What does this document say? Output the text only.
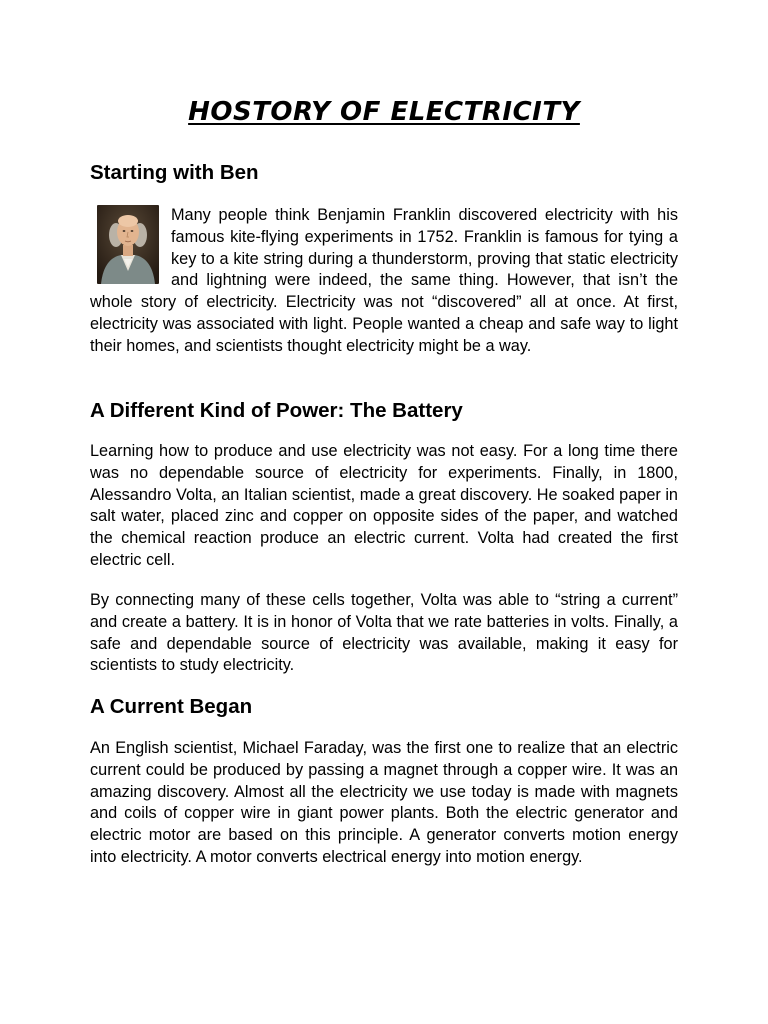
HOSTORY OF ELECTRICITY
Starting with Ben
Many people think Benjamin Franklin discovered electricity with his famous kite-flying experiments in 1752. Franklin is famous for tying a key to a kite string during a thunderstorm, proving that static electricity and lightning were indeed, the same thing. However, that isn’t the whole story of electricity. Electricity was not “discovered” all at once. At first, electricity was associated with light. People wanted a cheap and safe way to light their homes, and scientists thought electricity might be a way.
A Different Kind of Power: The Battery

Learning how to produce and use electricity was not easy. For a long time there was no dependable source of electricity for experiments. Finally, in 1800, Alessandro Volta, an Italian scientist, made a great discovery. He soaked paper in salt water, placed zinc and copper on opposite sides of the paper, and watched the chemical reaction produce an electric current. Volta had created the first electric cell.

By connecting many of these cells together, Volta was able to “string a current” and create a battery. It is in honor of Volta that we rate batteries in volts. Finally, a safe and dependable source of electricity was available, making it easy for scientists to study electricity.

A Current Began

An English scientist, Michael Faraday, was the first one to realize that an electric current could be produced by passing a magnet through a copper wire. It was an amazing discovery. Almost all the electricity we use today is made with magnets and coils of copper wire in giant power plants. Both the electric generator and electric motor are based on this principle. A generator converts motion energy into electricity. A motor converts electrical energy into motion energy.
